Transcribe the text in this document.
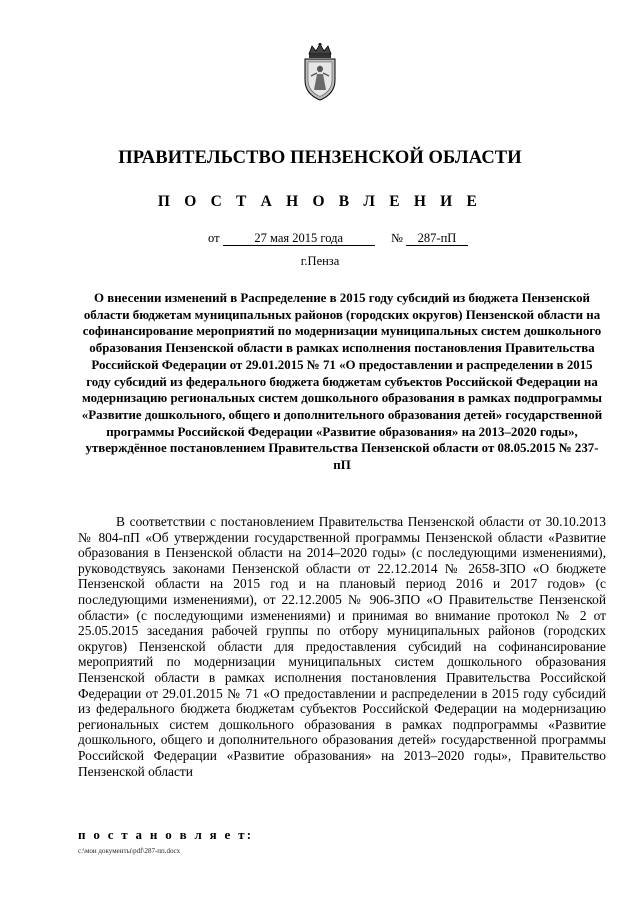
ПРАВИТЕЛЬСТВО ПЕНЗЕНСКОЙ ОБЛАСТИ
П О С Т А Н О В Л Е Н И Е
от	27 мая 2015 года	№ 287-пП
г.Пенза
О внесении изменений в Распределение в 2015 году субсидий из бюджета Пензенской области бюджетам муниципальных районов (городских округов) Пензенской области на софинансирование мероприятий по модернизации муниципальных систем дошкольного образования Пензенской области в рамках исполнения постановления Правительства Российской Федерации от 29.01.2015 № 71 «О предоставлении и распределении в 2015 году субсидий из федерального бюджета бюджетам субъектов Российской Федерации на модернизацию региональных систем дошкольного образования в рамках подпрограммы «Развитие дошкольного, общего и дополнительного образования детей» государственной программы Российской Федерации «Развитие образования» на 2013–2020 годы», утверждённое постановлением Правительства Пензенской области от 08.05.2015 № 237-пП
В соответствии с постановлением Правительства Пензенской области от 30.10.2013 № 804-пП «Об утверждении государственной программы Пензенской области «Развитие образования в Пензенской области на 2014–2020 годы» (с последующими изменениями), руководствуясь законами Пензенской области от 22.12.2014 № 2658-ЗПО «О бюджете Пензенской области на 2015 год и на плановый период 2016 и 2017 годов» (с последующими изменениями), от 22.12.2005 № 906-ЗПО «О Правительстве Пензенской области» (с последующими изменениями) и принимая во внимание протокол № 2 от 25.05.2015 заседания рабочей группы по отбору муниципальных районов (городских округов) Пензенской области для предоставления субсидий на софинансирование мероприятий по модернизации муниципальных систем дошкольного образования Пензенской области в рамках исполнения постановления Правительства Российской Федерации от 29.01.2015 № 71 «О предоставлении и распределении в 2015 году субсидий из федерального бюджета бюджетам субъектов Российской Федерации на модернизацию региональных систем дошкольного образования в рамках подпрограммы «Развитие дошкольного, общего и дополнительного образования детей» государственной программы Российской Федерации «Развитие образования» на 2013–2020 годы», Правительство Пензенской области
п о с т а н о в л я е т:
c:\мои документы\pdf\287-пп.docx
